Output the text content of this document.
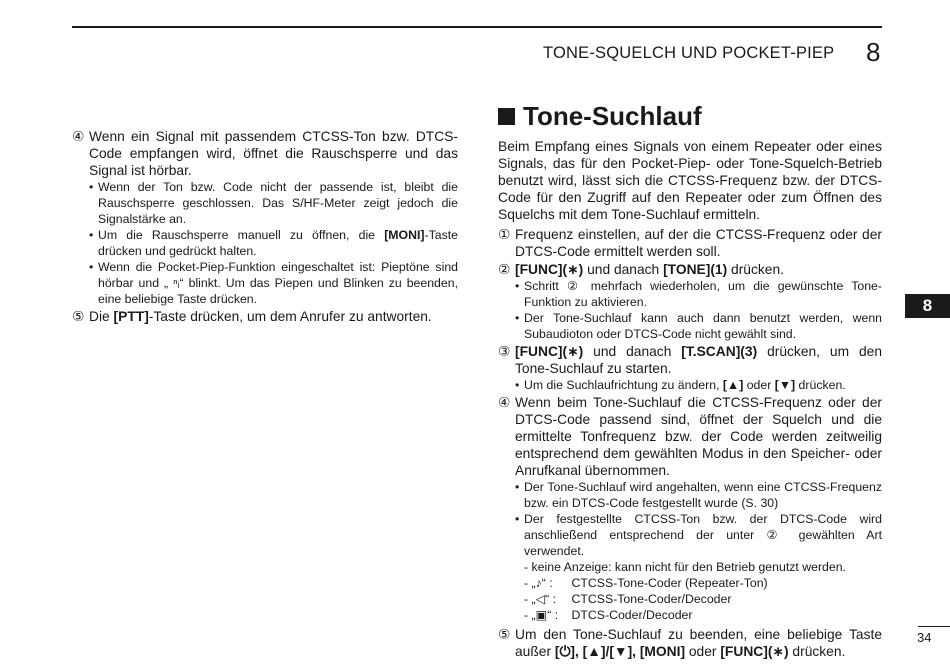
TONE-SQUELCH UND POCKET-PIEP 8
8
④ Wenn ein Signal mit passendem CTCSS-Ton bzw. DTCS-Code empfangen wird, öffnet die Rauschsperre und das Signal ist hörbar.
• Wenn der Ton bzw. Code nicht der passende ist, bleibt die Rauschsperre geschlossen. Das S/HF-Meter zeigt jedoch die Signalstärke an.
• Um die Rauschsperre manuell zu öffnen, die [MONI]-Taste drücken und gedrückt halten.
• Wenn die Pocket-Piep-Funktion eingeschaltet ist: Pieptöne sind hörbar und „ ⁿᵢ“ blinkt. Um das Piepen und Blinken zu beenden, eine beliebige Taste drücken.
⑤ Die [PTT]-Taste drücken, um dem Anrufer zu antworten.
Tone-Suchlauf

Beim Empfang eines Signals von einem Repeater oder eines Signals, das für den Pocket-Piep- oder Tone-Squelch-Betrieb benutzt wird, lässt sich die CTCSS-Frequenz bzw. der DTCS-Code für den Zugriff auf den Repeater oder zum Öffnen des Squelchs mit dem Tone-Suchlauf ermitteln.

① Frequenz einstellen, auf der die CTCSS-Frequenz oder der DTCS-Code ermittelt werden soll.
② [FUNC](∗) und danach [TONE](1) drücken.
• Schritt ② mehrfach wiederholen, um die gewünschte Tone-Funktion zu aktivieren.
• Der Tone-Suchlauf kann auch dann benutzt werden, wenn Subaudioton oder DTCS-Code nicht gewählt sind.
③ [FUNC](∗) und danach [T.SCAN](3) drücken, um den Tone-Suchlauf zu starten.
• Um die Suchlaufrichtung zu ändern, [▲] oder [▼] drücken.
④ Wenn beim Tone-Suchlauf die CTCSS-Frequenz oder der DTCS-Code passend sind, öffnet der Squelch und die ermittelte Tonfrequenz bzw. der Code werden zeitweilig entsprechend dem gewählten Modus in den Speicher- oder Anrufkanal übernommen.
• Der Tone-Suchlauf wird angehalten, wenn eine CTCSS-Frequenz bzw. ein DTCS-Code festgestellt wurde (S. 30)
• Der festgestellte CTCSS-Ton bzw. der DTCS-Code wird anschließend entsprechend der unter ② gewählten Art verwendet.
- keine Anzeige: kann nicht für den Betrieb genutzt werden.
- „♪“ : CTCSS-Tone-Coder (Repeater-Ton)
- „◁“ : CTCSS-Tone-Coder/Decoder
- „▣“ : DTCS-Coder/Decoder
⑤ Um den Tone-Suchlauf zu beenden, eine beliebige Taste außer [⏻], [▲]/[▼], [MONI] oder [FUNC](∗) drücken.
34
